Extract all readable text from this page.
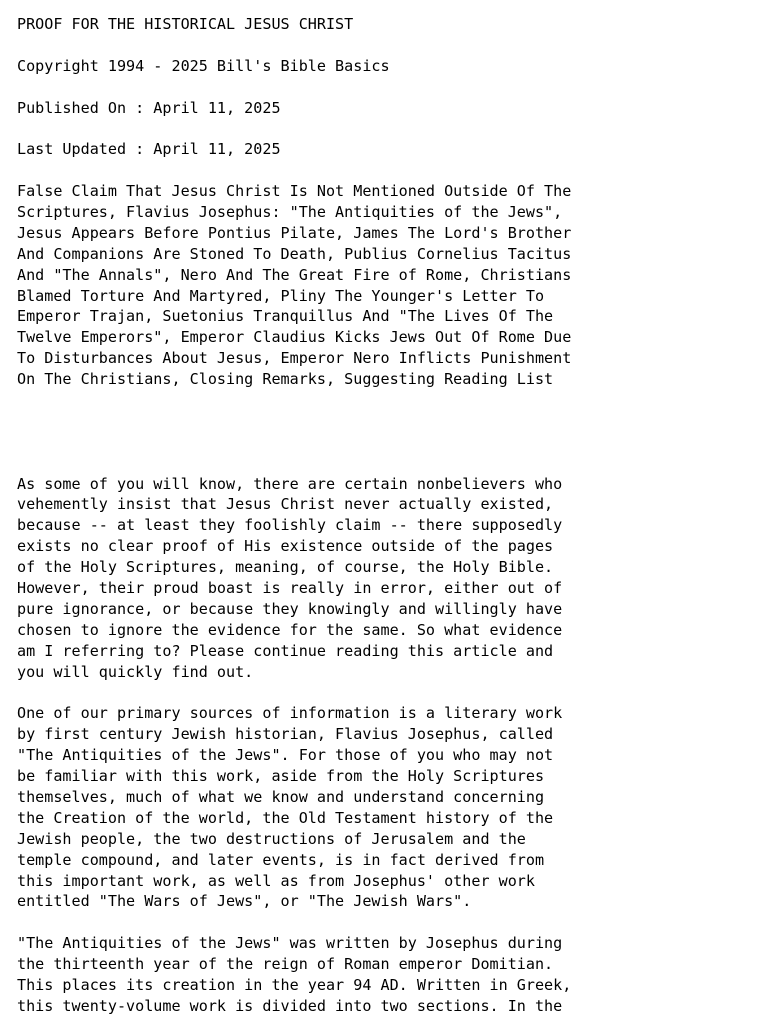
PROOF FOR THE HISTORICAL JESUS CHRIST

Copyright 1994 - 2025 Bill's Bible Basics

Published On : April 11, 2025

Last Updated : April 11, 2025

False Claim That Jesus Christ Is Not Mentioned Outside Of The
Scriptures, Flavius Josephus: "The Antiquities of the Jews",
Jesus Appears Before Pontius Pilate, James The Lord's Brother
And Companions Are Stoned To Death, Publius Cornelius Tacitus
And "The Annals", Nero And The Great Fire of Rome, Christians
Blamed Torture And Martyred, Pliny The Younger's Letter To
Emperor Trajan, Suetonius Tranquillus And "The Lives Of The
Twelve Emperors", Emperor Claudius Kicks Jews Out Of Rome Due
To Disturbances About Jesus, Emperor Nero Inflicts Punishment
On The Christians, Closing Remarks, Suggesting Reading List

As some of you will know, there are certain nonbelievers who
vehemently insist that Jesus Christ never actually existed,
because -- at least they foolishly claim -- there supposedly
exists no clear proof of His existence outside of the pages
of the Holy Scriptures, meaning, of course, the Holy Bible.
However, their proud boast is really in error, either out of
pure ignorance, or because they knowingly and willingly have
chosen to ignore the evidence for the same. So what evidence
am I referring to? Please continue reading this article and
you will quickly find out.

One of our primary sources of information is a literary work
by first century Jewish historian, Flavius Josephus, called
"The Antiquities of the Jews". For those of you who may not
be familiar with this work, aside from the Holy Scriptures
themselves, much of what we know and understand concerning
the Creation of the world, the Old Testament history of the
Jewish people, the two destructions of Jerusalem and the
temple compound, and later events, is in fact derived from
this important work, as well as from Josephus' other work
entitled "The Wars of Jews", or "The Jewish Wars".

"The Antiquities of the Jews" was written by Josephus during
the thirteenth year of the reign of Roman emperor Domitian.
This places its creation in the year 94 AD. Written in Greek,
this twenty-volume work is divided into two sections. In the
